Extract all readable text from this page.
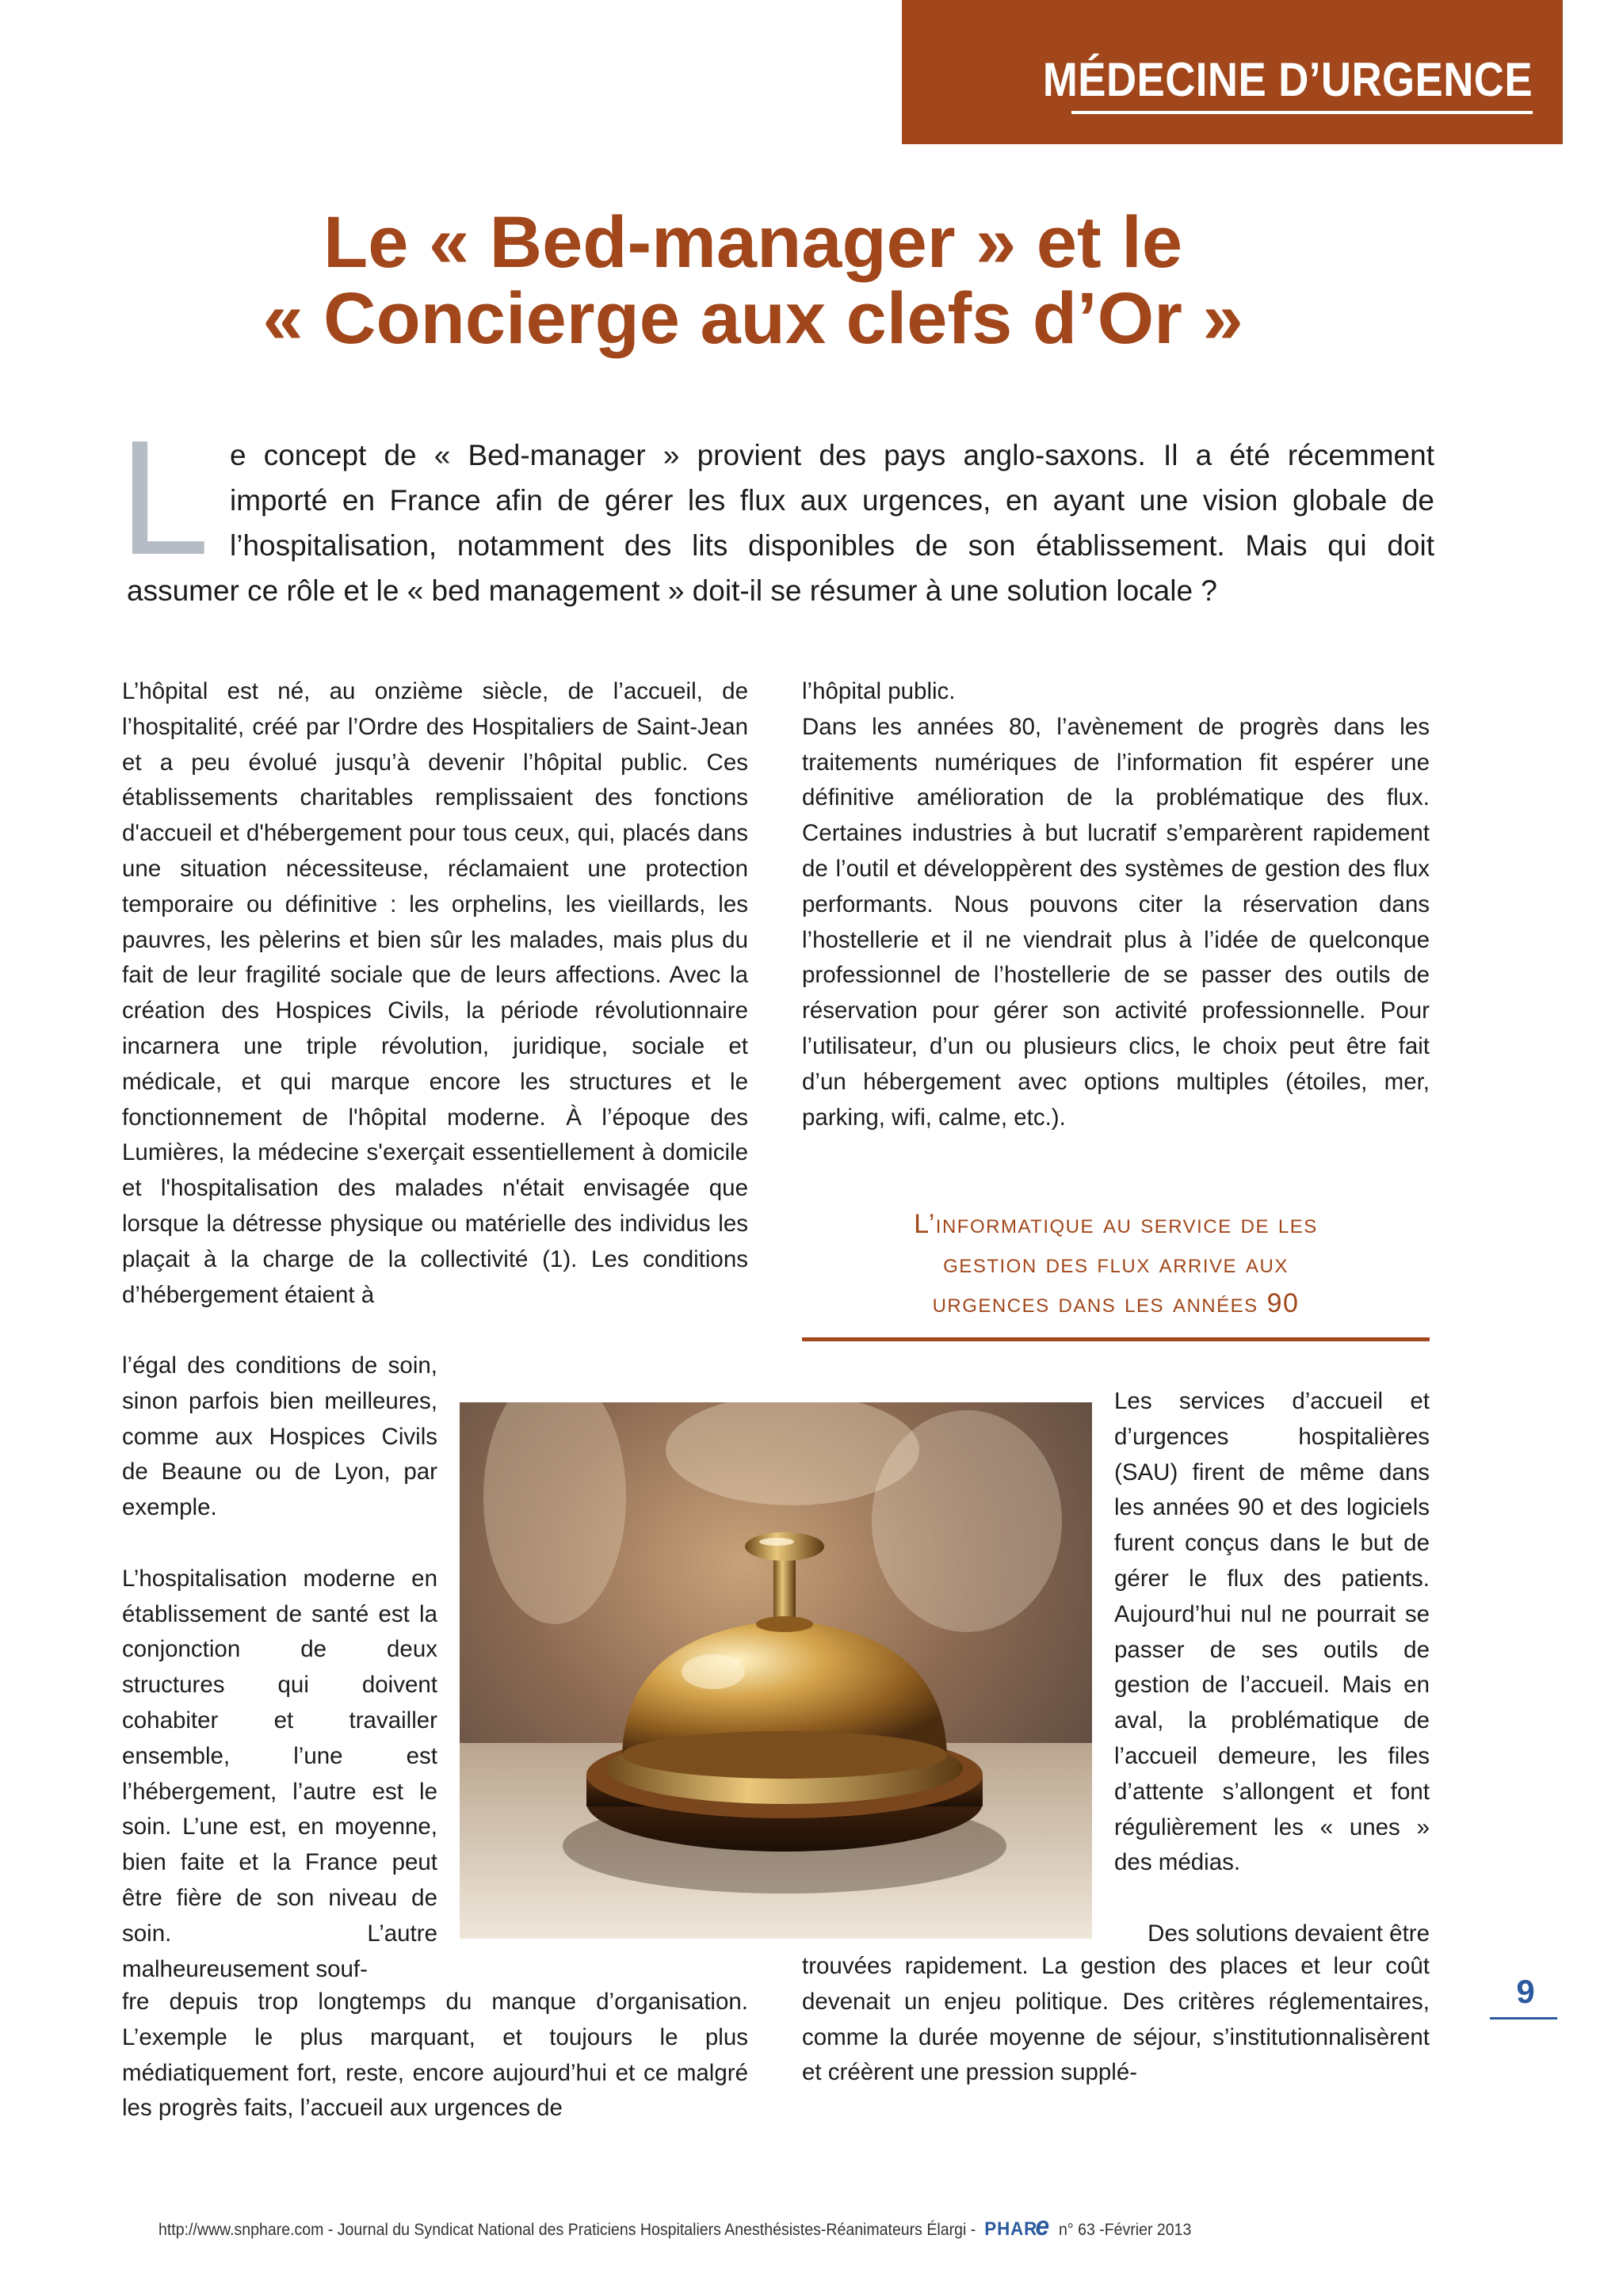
MÉDECINE D’URGENCE
Le « Bed-manager » et le
« Concierge aux clefs d’Or »
L e concept de « Bed-manager » provient des pays anglo-saxons. Il a été récemment
importé en France afin de gérer les flux aux urgences, en ayant une vision globale de
l’hospitalisation, notamment des lits disponibles de son établissement. Mais qui doit
assumer ce rôle et le « bed management » doit-il se résumer à une solution locale ?

L’hôpital est né, au onzième siècle, de l’accueil, de l’hospitalité, créé par l’Ordre des Hospitaliers de Saint-Jean et a peu évolué jusqu’à devenir l’hôpital public. Ces établissements charitables remplissaient des fonctions d'accueil et d'hébergement pour tous ceux, qui, placés dans une situation nécessiteuse, réclamaient une protection temporaire ou définitive : les orphelins, les vieillards, les pauvres, les pèlerins et bien sûr les malades, mais plus du fait de leur fragilité sociale que de leurs affections. Avec la création des Hospices Civils, la période révolutionnaire incarnera une triple révolution, juridique, sociale et médicale, et qui marque encore les structures et le fonctionnement de l'hôpital moderne. À l’époque des Lumières, la médecine s'exerçait essentiellement à domicile et l'hospitalisation des malades n'était envisagée que lorsque la détresse physique ou matérielle des individus les plaçait à la charge de la collectivité (1). Les conditions d’hébergement étaient à

l’égal des conditions de soin, sinon parfois bien meilleures, comme aux Hospices Civils de Beaune ou de Lyon, par exemple.

L’hospitalisation moderne en établissement de santé est la conjonction de deux structures qui doivent cohabiter et travailler ensemble, l’une est l’hébergement, l’autre est le soin. L’une est, en moyenne, bien faite et la France peut être fière de son niveau de soin. L’autre malheureusement souf-

fre depuis trop longtemps du manque d’organisation. L’exemple le plus marquant, et toujours le plus médiatiquement fort, reste, encore aujourd’hui et ce malgré les progrès faits, l’accueil aux urgences de

l’hôpital public.

Dans les années 80, l’avènement de progrès dans les traitements numériques de l’information fit espérer une définitive amélioration de la problématique des flux. Certaines industries à but lucratif s’emparèrent rapidement de l’outil et développèrent des systèmes de gestion des flux performants. Nous pouvons citer la réservation dans l’hostellerie et il ne viendrait plus à l’idée de quelconque professionnel de l’hostellerie de se passer des outils de réservation pour gérer son activité professionnelle. Pour l’utilisateur, d’un ou plusieurs clics, le choix peut être fait d’un hébergement avec options multiples (étoiles, mer, parking, wifi, calme, etc.).

L’informatique au service de les
gestion des flux arrive aux
urgences dans les années 90

Les services d’accueil et d’urgences hospitalières (SAU) firent de même dans les années 90 et des logiciels furent conçus dans le but de gérer le flux des patients. Aujourd’hui nul ne pourrait se passer de ses outils de gestion de l’accueil. Mais en aval, la problématique de l’accueil demeure, les files d’attente s’allongent et font régulièrement les « unes » des médias.

Des solutions devaient être

trouvées rapidement. La gestion des places et leur coût devenait un enjeu politique. Des critères réglementaires, comme la durée moyenne de séjour, s’institutionnalisèrent et créèrent une pression supplé-

9
http://www.snphare.com - Journal du Syndicat National des Praticiens Hospitaliers Anesthésistes-Réanimateurs Élargi - PHARe n° 63 -Février 2013
